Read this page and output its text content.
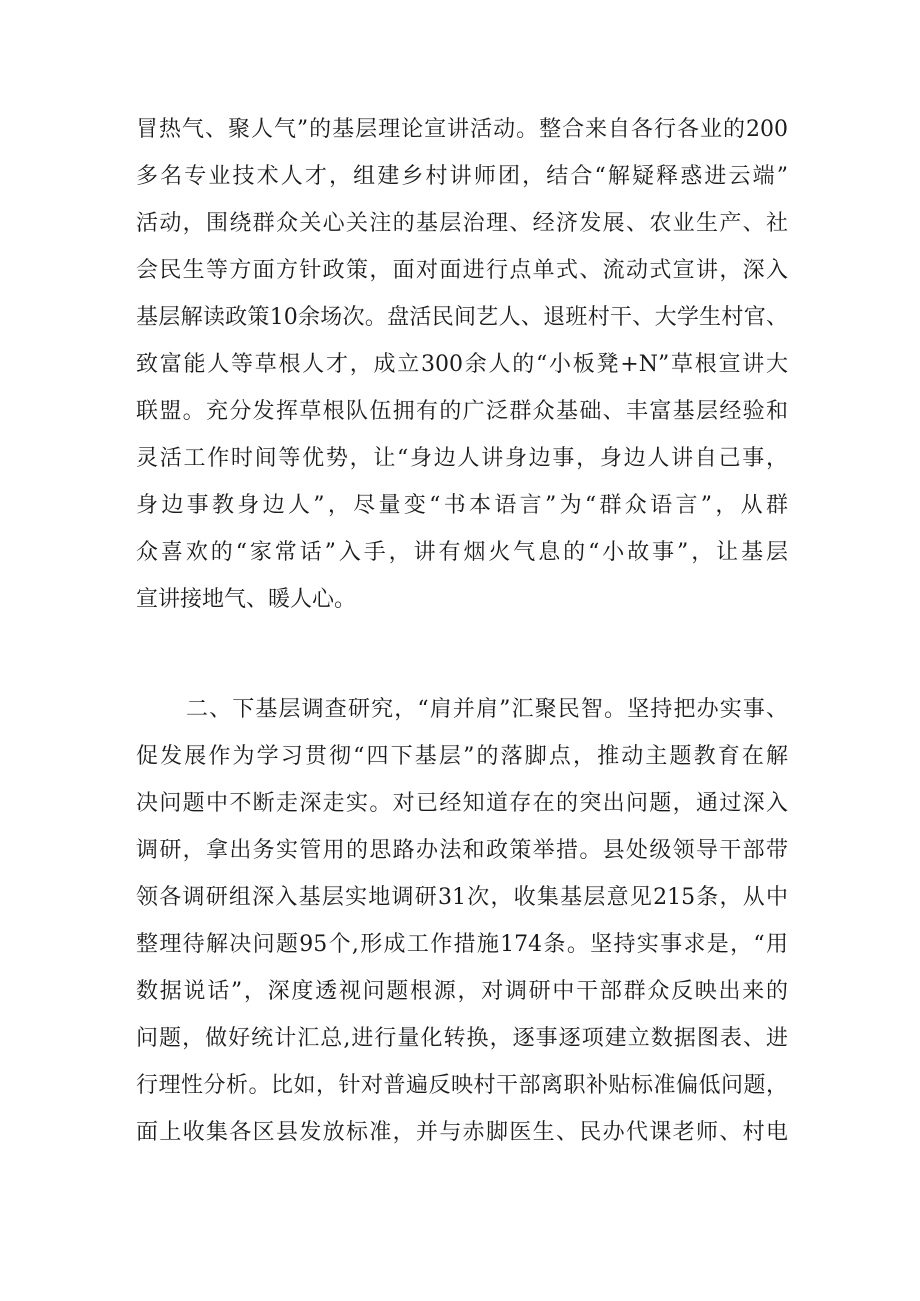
冒热气、聚人气”的基层理论宣讲活动。整合来自各行各业的200
多名专业技术人才，组建乡村讲师团，结合“解疑释惑进云端”
活动，围绕群众关心关注的基层治理、经济发展、农业生产、社
会民生等方面方针政策，面对面进行点单式、流动式宣讲，深入
基层解读政策10余场次。盘活民间艺人、退班村干、大学生村官、
致富能人等草根人才，成立300余人的“小板凳+N”草根宣讲大
联盟。充分发挥草根队伍拥有的广泛群众基础、丰富基层经验和
灵活工作时间等优势，让“身边人讲身边事，身边人讲自己事，
身边事教身边人”，尽量变“书本语言”为“群众语言”，从群
众喜欢的“家常话”入手，讲有烟火气息的“小故事”，让基层
宣讲接地气、暖人心。
二、下基层调查研究，“肩并肩”汇聚民智。坚持把办实事、
促发展作为学习贯彻“四下基层”的落脚点，推动主题教育在解
决问题中不断走深走实。对已经知道存在的突出问题，通过深入
调研，拿出务实管用的思路办法和政策举措。县处级领导干部带
领各调研组深入基层实地调研31次，收集基层意见215条，从中
整理待解决问题95个,形成工作措施174条。坚持实事求是，“用
数据说话”，深度透视问题根源，对调研中干部群众反映出来的
问题，做好统计汇总,进行量化转换，逐事逐项建立数据图表、进
行理性分析。比如，针对普遍反映村干部离职补贴标准偏低问题，
面上收集各区县发放标准，并与赤脚医生、民办代课老师、村电
